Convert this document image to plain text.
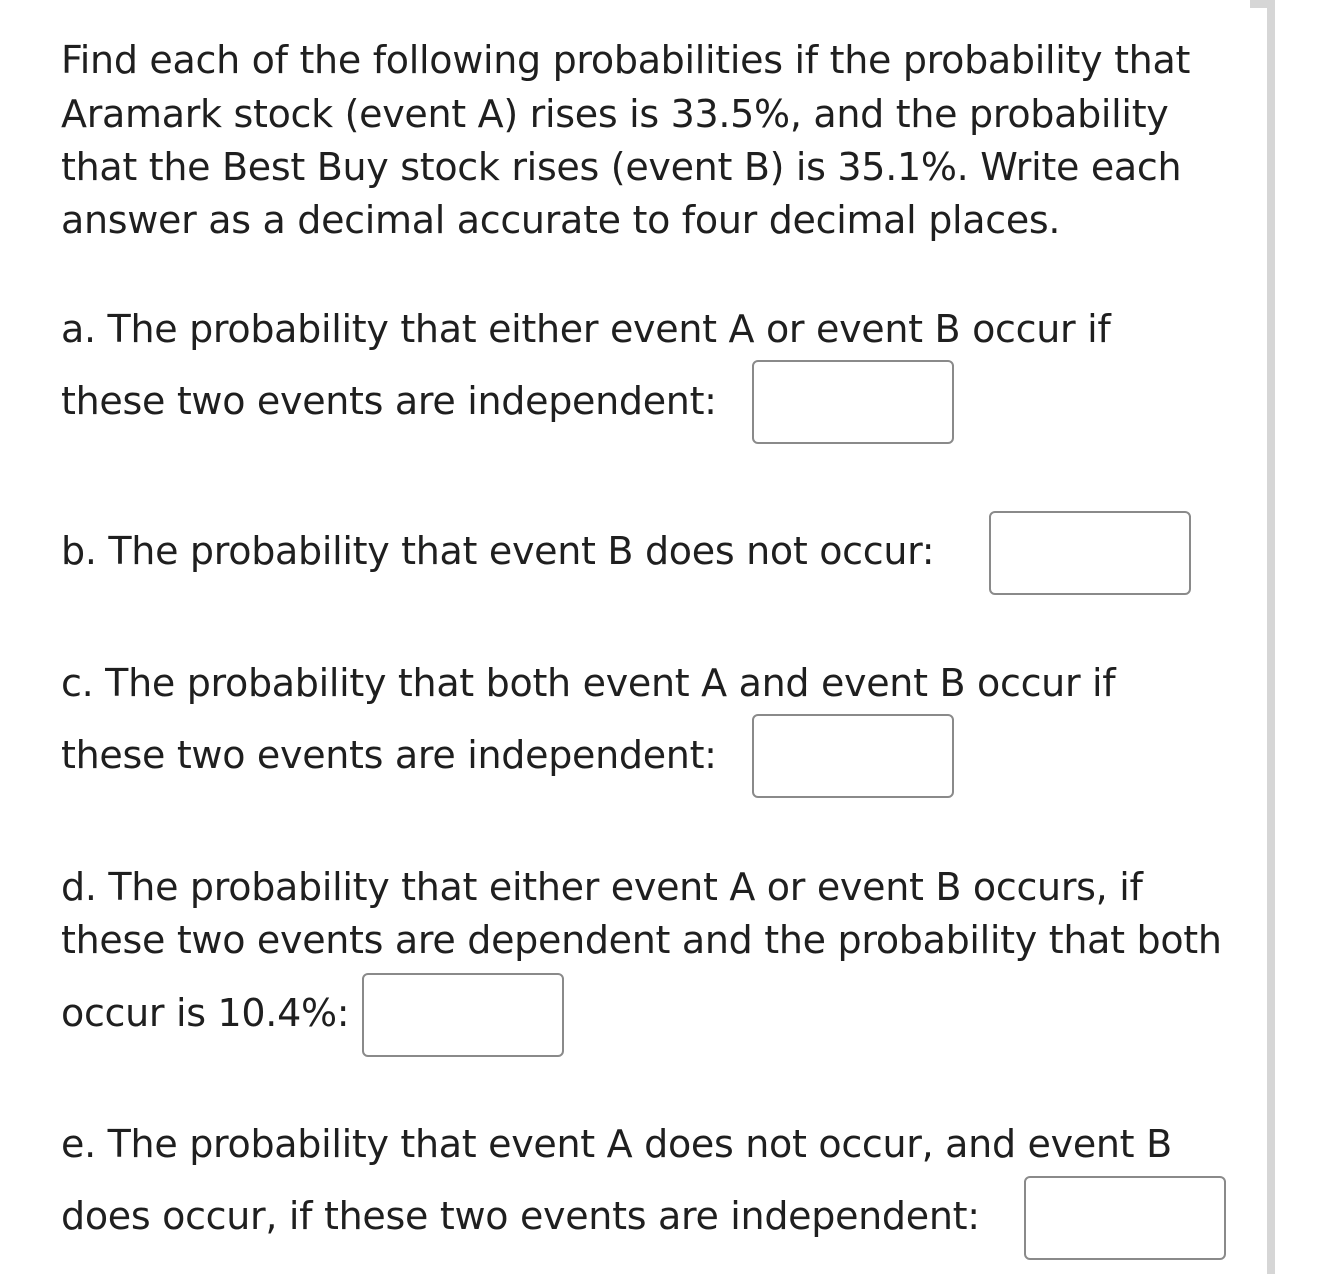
Find each of the following probabilities if the probability that
Aramark stock (event A) rises is 33.5%, and the probability
that the Best Buy stock rises (event B) is 35.1%. Write each
answer as a decimal accurate to four decimal places.
a. The probability that either event A or event B occur if
these two events are independent:
b. The probability that event B does not occur:
c. The probability that both event A and event B occur if
these two events are independent:
d. The probability that either event A or event B occurs, if
these two events are dependent and the probability that both
occur is 10.4%:
e. The probability that event A does not occur, and event B
does occur, if these two events are independent:
